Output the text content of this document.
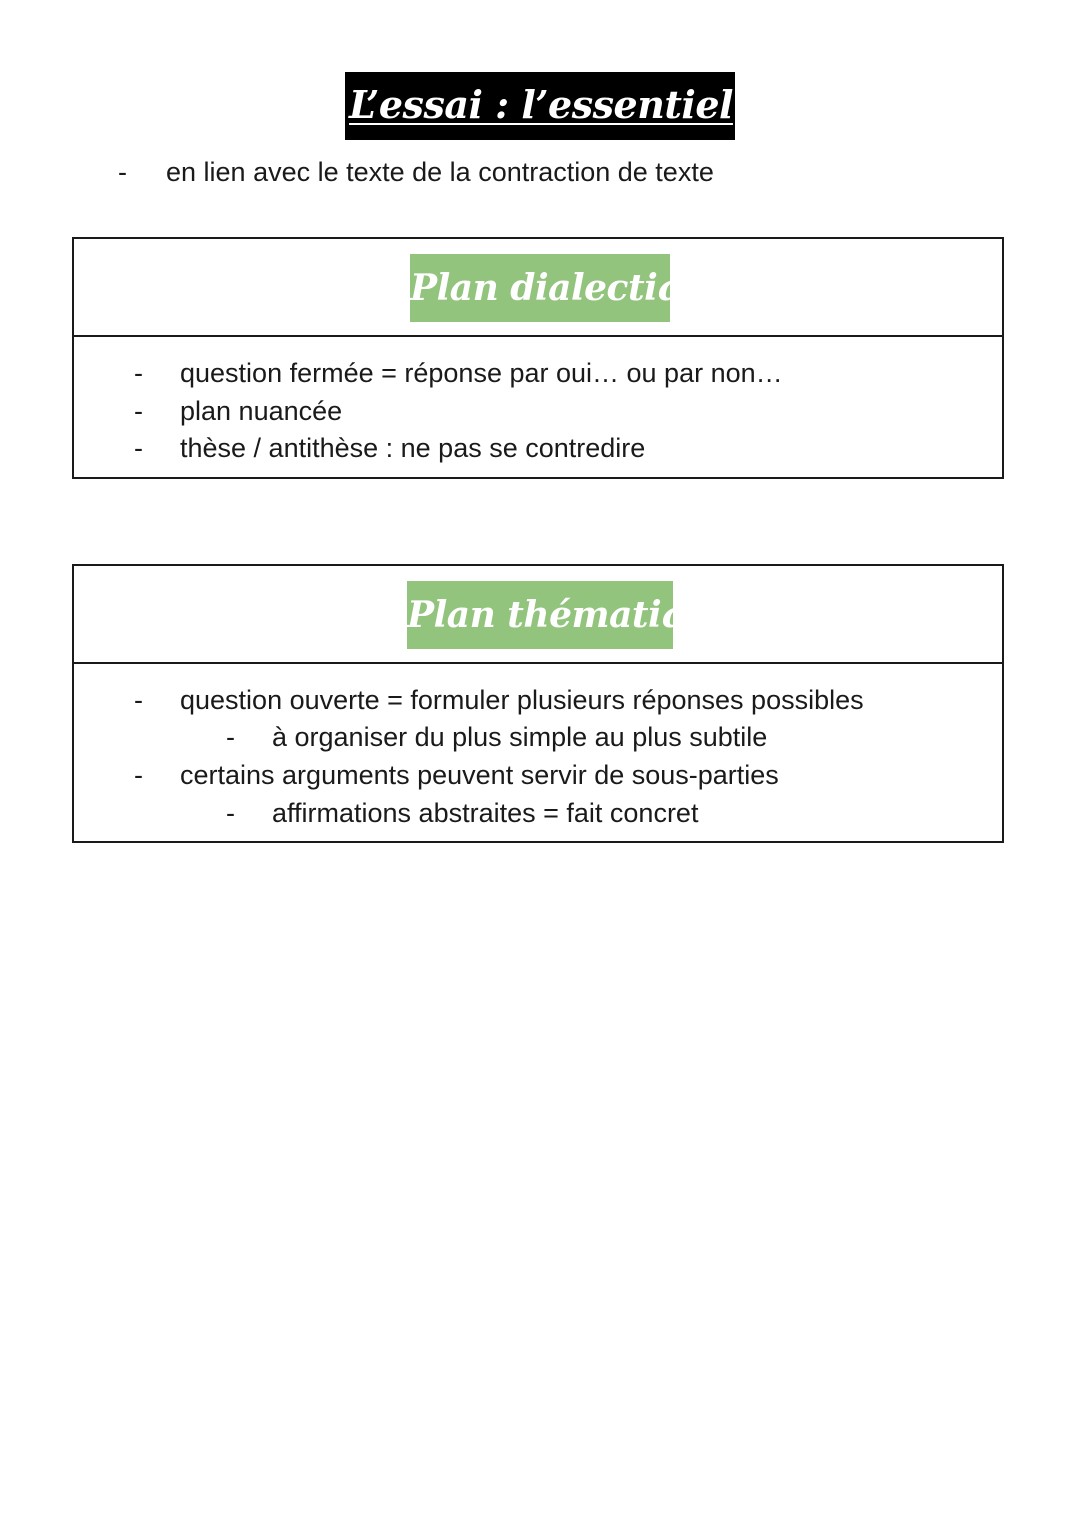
L’essai : l’essentiel
- en lien avec le texte de la contraction de texte
Plan dialectique
- question fermée = réponse par oui… ou par non…
- plan nuancée
- thèse / antithèse : ne pas se contredire
Plan thématique
- question ouverte = formuler plusieurs réponses possibles
- à organiser du plus simple au plus subtile
- certains arguments peuvent servir de sous-parties
- affirmations abstraites = fait concret
